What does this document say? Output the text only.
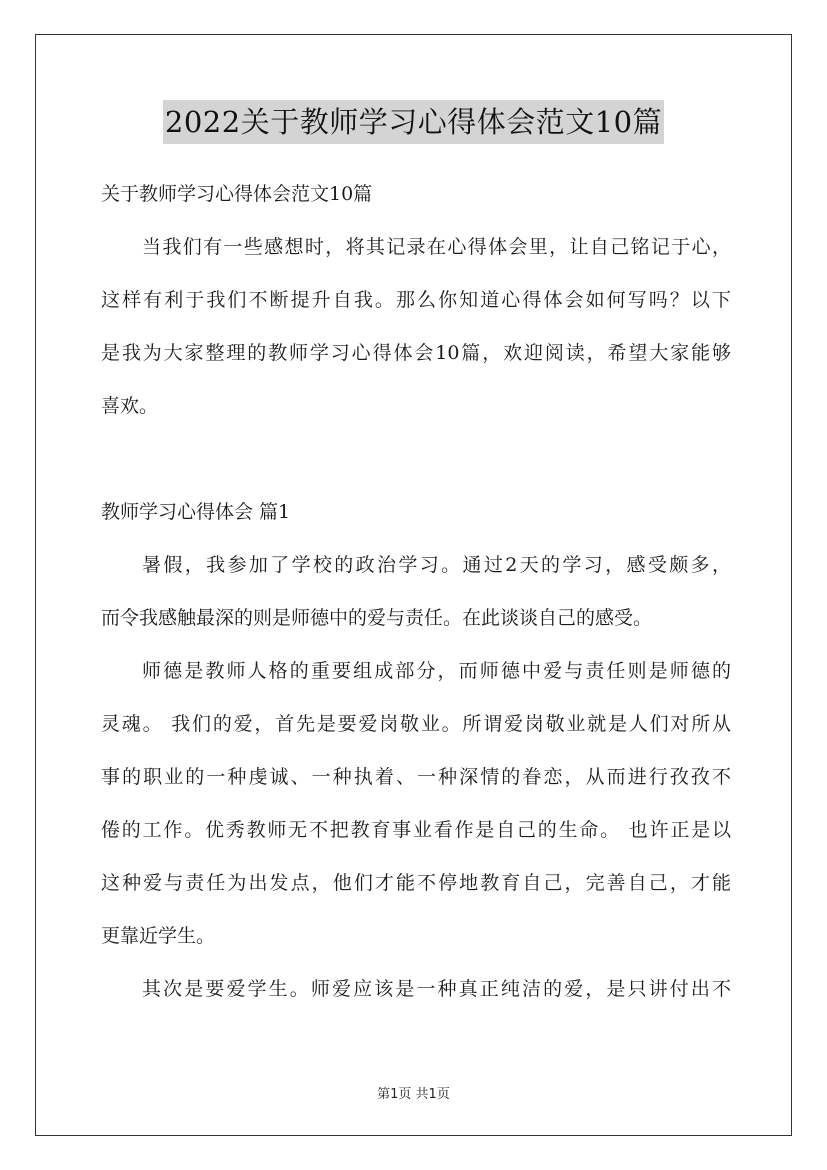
2022关于教师学习心得体会范文10篇
关于教师学习心得体会范文10篇
当我们有一些感想时，将其记录在心得体会里，让自己铭记于心，
这样有利于我们不断提升自我。那么你知道心得体会如何写吗？以下
是我为大家整理的教师学习心得体会10篇，欢迎阅读，希望大家能够
喜欢。
教师学习心得体会 篇1
暑假，我参加了学校的政治学习。通过2天的学习，感受颇多，
而令我感触最深的则是师德中的爱与责任。在此谈谈自己的感受。
师德是教师人格的重要组成部分，而师德中爱与责任则是师德的
灵魂。 我们的爱，首先是要爱岗敬业。所谓爱岗敬业就是人们对所从
事的职业的一种虔诚、一种执着、一种深情的眷恋，从而进行孜孜不
倦的工作。优秀教师无不把教育事业看作是自己的生命。 也许正是以
这种爱与责任为出发点，他们才能不停地教育自己，完善自己，才能
更靠近学生。
其次是要爱学生。师爱应该是一种真正纯洁的爱，是只讲付出不
第1页 共1页
